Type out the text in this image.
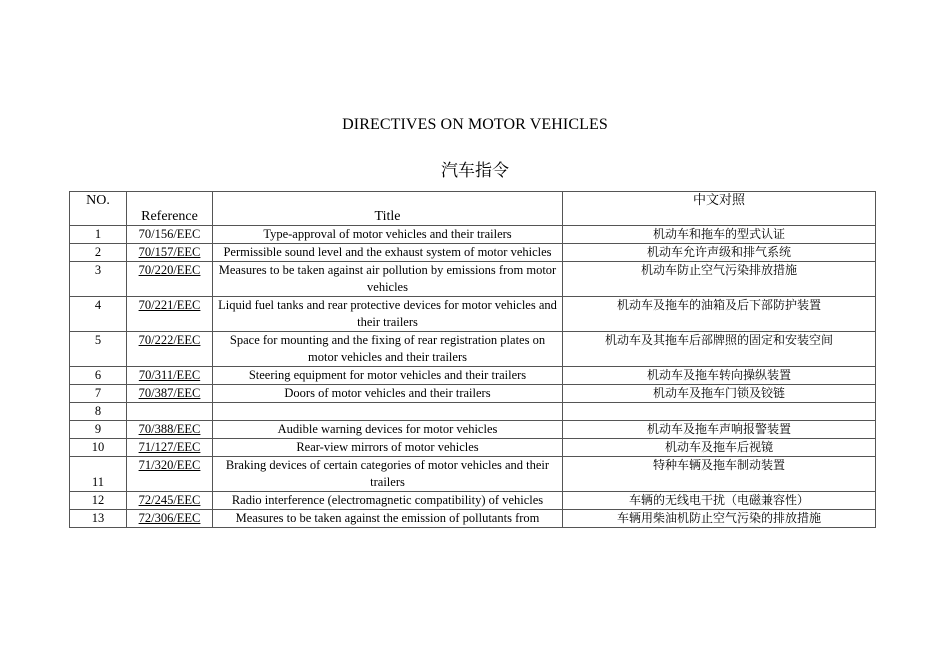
DIRECTIVES ON MOTOR VEHICLES
汽车指令
NO.	Reference	Title	中文对照
1	70/156/EEC	Type-approval of motor vehicles and their trailers	机动车和拖车的型式认证
2	70/157/EEC	Permissible sound level and the exhaust system of motor vehicles	机动车允许声级和排气系统
3	70/220/EEC	Measures to be taken against air pollution by emissions from motor vehicles	机动车防止空气污染排放措施
4	70/221/EEC	Liquid fuel tanks and rear protective devices for motor vehicles and their trailers	机动车及拖车的油箱及后下部防护装置
5	70/222/EEC	Space for mounting and the fixing of rear registration plates on motor vehicles and their trailers	机动车及其拖车后部牌照的固定和安装空间
6	70/311/EEC	Steering equipment for motor vehicles and their trailers	机动车及拖车转向操纵装置
7	70/387/EEC	Doors of motor vehicles and their trailers	机动车及拖车门锁及铰链
8			
9	70/388/EEC	Audible warning devices for motor vehicles	机动车及拖车声响报警装置
10	71/127/EEC	Rear-view mirrors of motor vehicles	机动车及拖车后视镜
11	71/320/EEC	Braking devices of certain categories of motor vehicles and their trailers	特种车辆及拖车制动装置
12	72/245/EEC	Radio interference (electromagnetic compatibility) of vehicles	车辆的无线电干扰（电磁兼容性）
13	72/306/EEC	Measures to be taken against the emission of pollutants from	车辆用柴油机防止空气污染的排放措施
